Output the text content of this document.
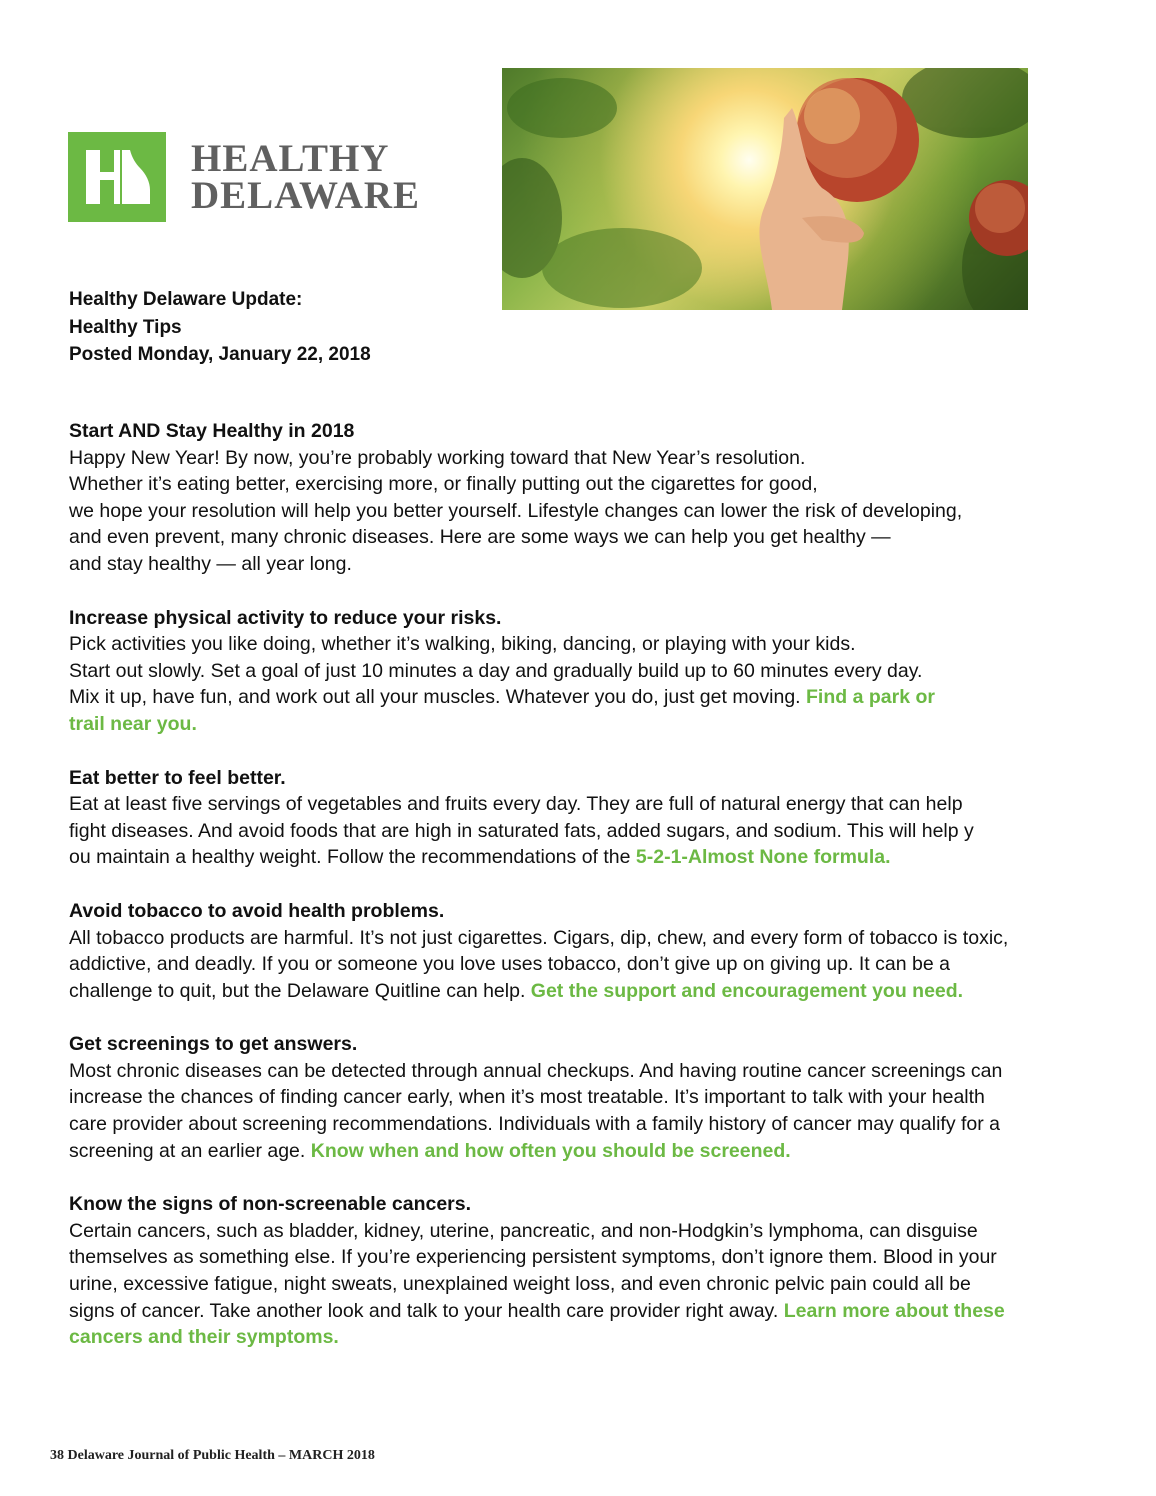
HEALTHY
DELAWARE
Healthy Delaware Update:
Healthy Tips
Posted Monday, January 22, 2018
Start AND Stay Healthy in 2018
Happy New Year! By now, you’re probably working toward that New Year’s resolution.
Whether it’s eating better, exercising more, or finally putting out the cigarettes for good,
we hope your resolution will help you better yourself. Lifestyle changes can lower the risk of developing,
and even prevent, many chronic diseases. Here are some ways we can help you get healthy —
and stay healthy — all year long.
Increase physical activity to reduce your risks.
Pick activities you like doing, whether it’s walking, biking, dancing, or playing with your kids.
Start out slowly. Set a goal of just 10 minutes a day and gradually build up to 60 minutes every day.
Mix it up, have fun, and work out all your muscles. Whatever you do, just get moving. Find a park or
trail near you.
Eat better to feel better.
Eat at least five servings of vegetables and fruits every day. They are full of natural energy that can help
fight diseases. And avoid foods that are high in saturated fats, added sugars, and sodium. This will help y
ou maintain a healthy weight. Follow the recommendations of the 5-2-1-Almost None formula.
Avoid tobacco to avoid health problems.
All tobacco products are harmful. It’s not just cigarettes. Cigars, dip, chew, and every form of tobacco is toxic,
addictive, and deadly. If you or someone you love uses tobacco, don’t give up on giving up. It can be a
challenge to quit, but the Delaware Quitline can help. Get the support and encouragement you need.
Get screenings to get answers.
Most chronic diseases can be detected through annual checkups. And having routine cancer screenings can
increase the chances of finding cancer early, when it’s most treatable. It’s important to talk with your health
care provider about screening recommendations. Individuals with a family history of cancer may qualify for a
screening at an earlier age. Know when and how often you should be screened.
Know the signs of non-screenable cancers.
Certain cancers, such as bladder, kidney, uterine, pancreatic, and non-Hodgkin’s lymphoma, can disguise
themselves as something else. If you’re experiencing persistent symptoms, don’t ignore them. Blood in your
urine, excessive fatigue, night sweats, unexplained weight loss, and even chronic pelvic pain could all be
signs of cancer. Take another look and talk to your health care provider right away. Learn more about these
cancers and their symptoms.
38 Delaware Journal of Public Health – MARCH 2018
